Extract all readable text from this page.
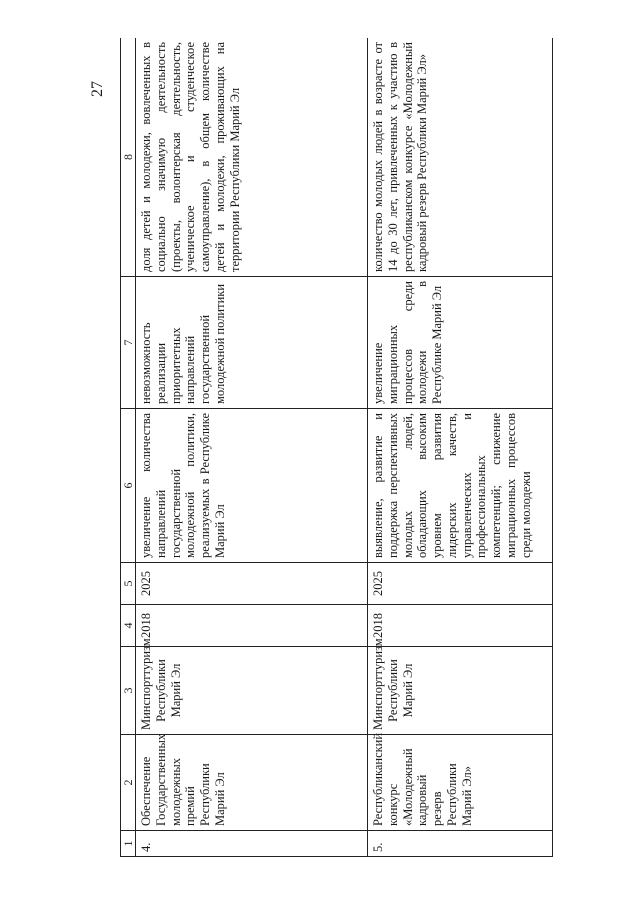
27
1	2	3	4	5	6	7	8
4.	Обеспечение Государственных молодежных премий Республики Марий Эл	Минспорттуризм Республики Марий Эл	2018	2025	увеличение количества направлений государственной молодежной политики, реализуемых в Республике Марий Эл	невозможность реализации приоритетных направлений государственной молодежной политики	доля детей и молодежи, вовлеченных в социально значимую деятельность (проекты, волонтерская деятельность, ученическое и студенческое самоуправление), в общем количестве детей и молодежи, проживающих на территории Республики Марий Эл
5.	Республиканский конкурс «Молодежный кадровый резерв Республики Марий Эл»	Минспорттуризм Республики Марий Эл	2018	2025	выявление, развитие и поддержка перспективных молодых людей, обладающих высоким уровнем развития лидерских качеств, управленческих и профессиональных компетенций; снижение миграционных процессов среди молодежи	увеличение миграционных процессов среди молодежи в Республике Марий Эл	количество молодых людей в возрасте от 14 до 30 лет, привлеченных к участию в республиканском конкурсе «Молодежный кадровый резерв Республики Марий Эл»
